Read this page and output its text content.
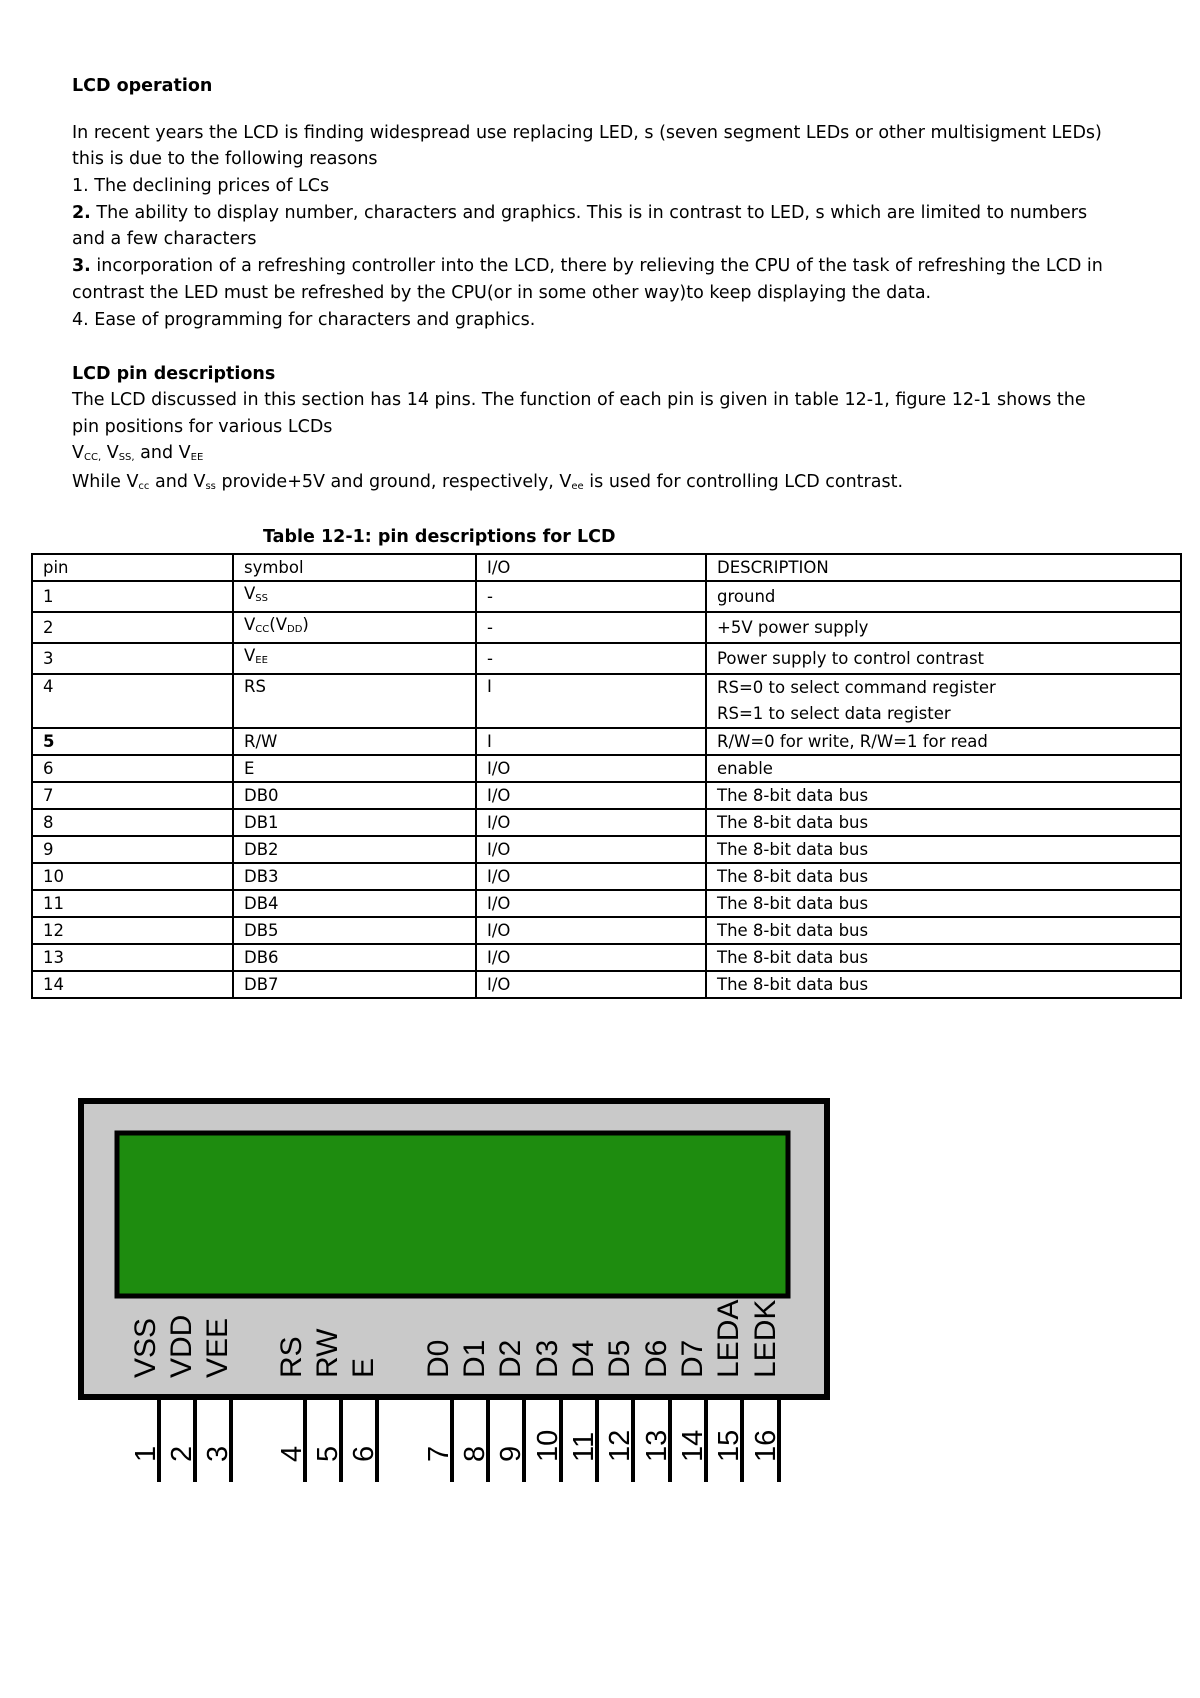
LCD operation
In recent years the LCD is finding widespread use replacing LED, s (seven segment LEDs or other multisigment LEDs)
this is due to the following reasons
1. The declining prices of LCs
2. The ability to display number, characters and graphics. This is in contrast to LED, s which are limited to numbers
and a few characters
3. incorporation of a refreshing controller into the LCD, there by relieving the CPU of the task of refreshing the LCD in
contrast the LED must be refreshed by the CPU(or in some other way)to keep displaying the data.
4. Ease of programming for characters and graphics.
LCD pin descriptions
The LCD discussed in this section has 14 pins. The function of each pin is given in table 12-1, figure 12-1 shows the
pin positions for various LCDs
$V_{CC,}$ $V_{SS,}$ and $V_{EE}$
While $V_{cc}$ and $V_{ss}$ provide+5V and ground, respectively, $V_{ee}$ is used for controlling LCD contrast.
Table 12-1: pin descriptions for LCD
pin	symbol	I/O	DESCRIPTION
1	$V_{SS}$	-	ground
2	$V_{CC}(V_{DD})$	-	+5V power supply
3	$V_{EE}$	-	Power supply to control contrast
4	RS	I	RS=0 to select command register
RS=1 to select data register

5	R/W	I	R/W=0 for write, R/W=1 for read
6	E	I/O	enable
7	DB0	I/O	The 8-bit data bus
8	DB1	I/O	The 8-bit data bus
9	DB2	I/O	The 8-bit data bus
10	DB3	I/O	The 8-bit data bus
11	DB4	I/O	The 8-bit data bus
12	DB5	I/O	The 8-bit data bus
13	DB6	I/O	The 8-bit data bus
14	DB7	I/O	The 8-bit data bus
VSS
1
VDD
2
VEE
3
RS
4
RW
5
E
6
D0
7
D1
8
D2
9
D3
10
D4
11
D5
12
D6
13
D7
14
LEDA
15
LEDK
16
